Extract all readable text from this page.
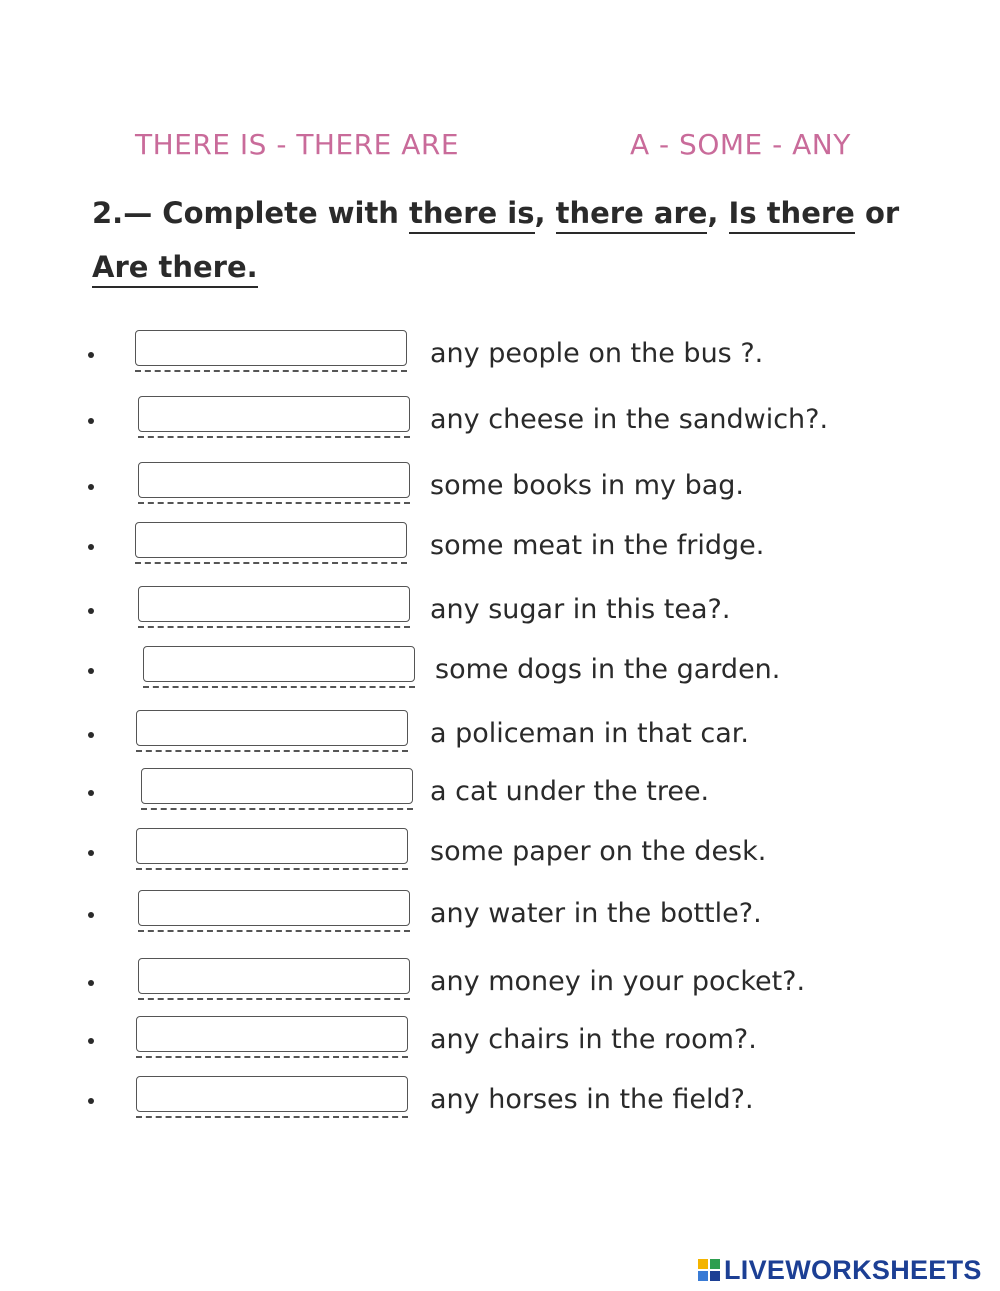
THERE IS - THERE ARE	A - SOME - ANY
2.— Complete with there is, there are, Is there or Are there.
any people on the bus ?.
any cheese in the sandwich?.
some books in my bag.
some meat in the fridge.
any sugar in this tea?.
some dogs in the garden.
a policeman in that car.
a cat under the tree.
some paper on the desk.
any water in the bottle?.
any money in your pocket?.
any chairs in the room?.
any horses in the field?.
LIVEWORKSHEETS
